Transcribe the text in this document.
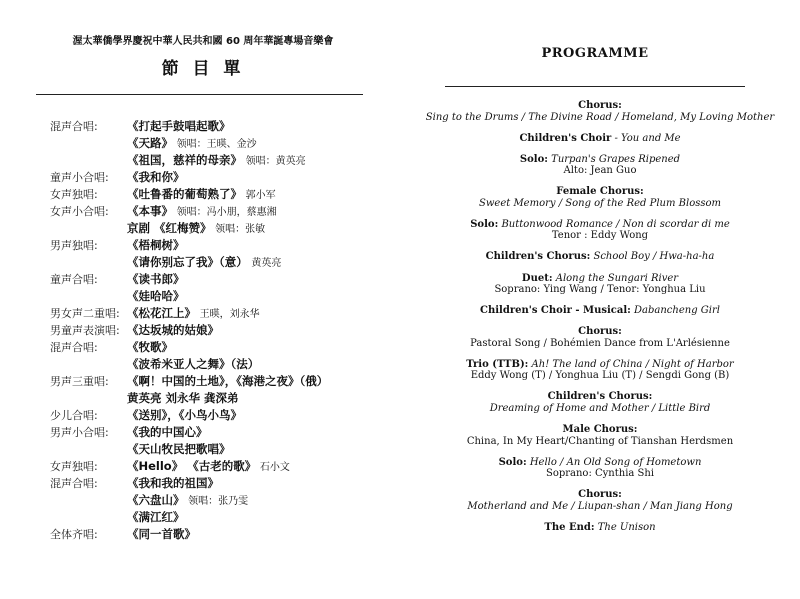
渥太華僑學界慶祝中華人民共和國 60 周年華誕專場音樂會
節 目 單
混声合唱:	《打起手鼓唱起歌》
《天路》 领唱：王暎、金沙
《祖国，慈祥的母亲》 领唱：黄英亮
童声小合唱: 《我和你》
女声独唱:	《吐鲁番的葡萄熟了》 郭小军
女声小合唱: 《本事》 领唱：冯小朋，蔡惠湘
京剧 《红梅赞》 领唱：张敏
男声独唱:	《梧桐树》
《请你别忘了我》（意） 黄英亮
童声合唱:	《读书郎》
《娃哈哈》
男女声二重唱: 《松花江上》 王暎，刘永华
男童声表演唱: 《达坂城的姑娘》
混声合唱:	《牧歌》
《波希米亚人之舞》（法）
男声三重唱: 《啊！中国的土地》，《海港之夜》（俄）
黄英亮 刘永华 龚深弟
少儿合唱:	《送别》，《小鸟小鸟》
男声小合唱: 《我的中国心》
《天山牧民把歌唱》
女声独唱:	《Hello》 《古老的歌》 石小文
混声合唱:	《我和我的祖国》
《六盘山》 领唱：张乃雯
《满江红》
全体齐唱:	《同一首歌》
PROGRAMME
Chorus:
Sing to the Drums / The Divine Road / Homeland, My Loving Mother
Children's Choir - You and Me
Solo: Turpan's Grapes Ripened
Alto: Jean Guo
Female Chorus:
Sweet Memory / Song of the Red Plum Blossom
Solo: Buttonwood Romance / Non di scordar di me
Tenor : Eddy Wong
Children's Chorus: School Boy / Hwa-ha-ha
Duet: Along the Sungari River
Soprano: Ying Wang / Tenor: Yonghua Liu
Children's Choir - Musical: Dabancheng Girl
Chorus:
Pastoral Song / Bohémien Dance from L'Arlésienne
Trio (TTB): Ah! The land of China / Night of Harbor
Eddy Wong (T) / Yonghua Liu (T) / Sengdi Gong (B)
Children's Chorus:
Dreaming of Home and Mother / Little Bird
Male Chorus:
China, In My Heart/Chanting of Tianshan Herdsmen
Solo: Hello / An Old Song of Hometown
Soprano: Cynthia Shi
Chorus:
Motherland and Me / Liupan-shan / Man Jiang Hong
The End: The Unison
